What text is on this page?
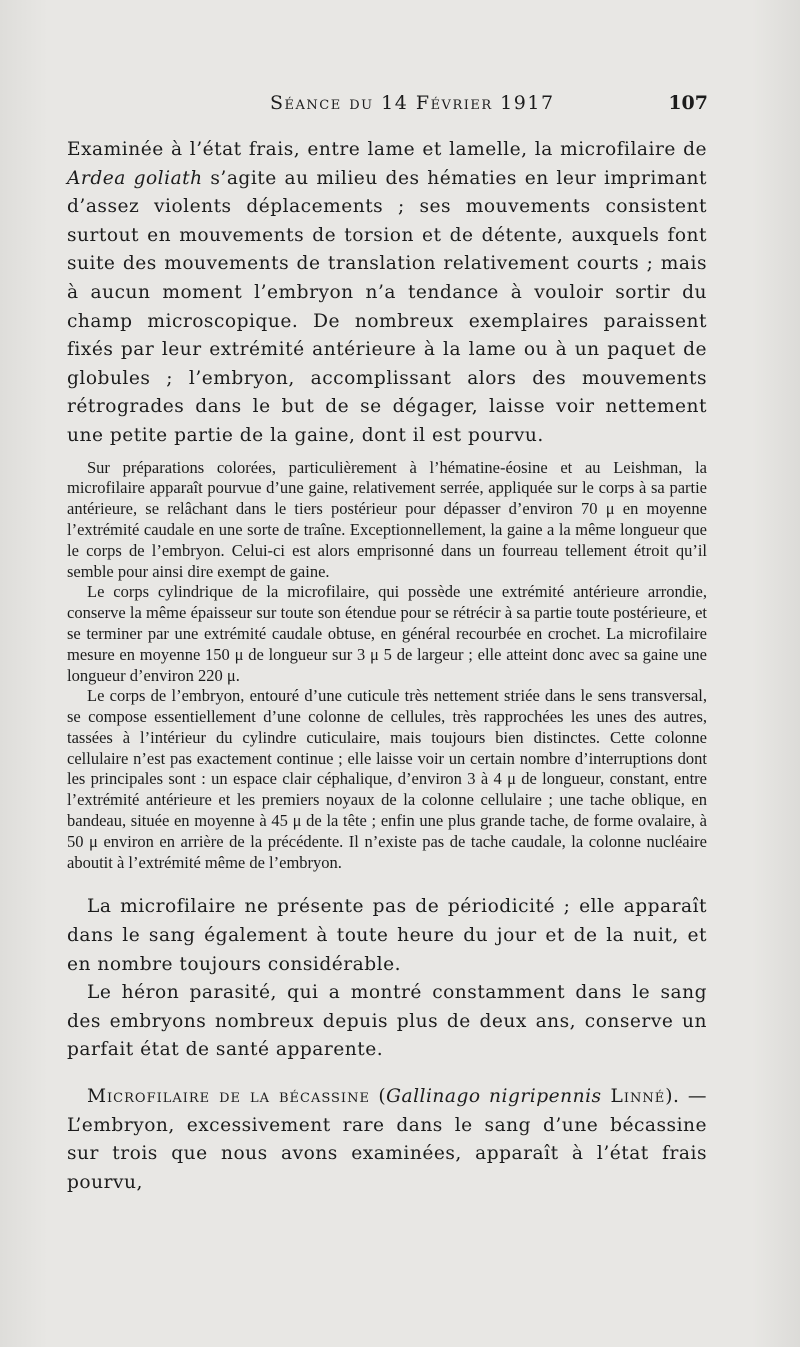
Séance du 14 Février 1917	107

Examinée à l’état frais, entre lame et lamelle, la microfilaire de Ardea goliath s’agite au milieu des hématies en leur imprimant d’assez violents déplacements ; ses mouvements consistent surtout en mouvements de torsion et de détente, auxquels font suite des mouvements de translation relativement courts ; mais à aucun moment l’embryon n’a tendance à vouloir sortir du champ microscopique. De nombreux exemplaires paraissent fixés par leur extrémité antérieure à la lame ou à un paquet de globules ; l’embryon, accomplissant alors des mouvements rétrogrades dans le but de se dégager, laisse voir nettement une petite partie de la gaine, dont il est pourvu.

Sur préparations colorées, particulièrement à l’hématine-éosine et au Leishman, la microfilaire apparaît pourvue d’une gaine, relativement serrée, appliquée sur le corps à sa partie antérieure, se relâchant dans le tiers postérieur pour dépasser d’environ 70 μ en moyenne l’extrémité caudale en une sorte de traîne. Exceptionnellement, la gaine a la même longueur que le corps de l’embryon. Celui-ci est alors emprisonné dans un fourreau tellement étroit qu’il semble pour ainsi dire exempt de gaine.

Le corps cylindrique de la microfilaire, qui possède une extrémité antérieure arrondie, conserve la même épaisseur sur toute son étendue pour se rétrécir à sa partie toute postérieure, et se terminer par une extrémité caudale obtuse, en général recourbée en crochet. La microfilaire mesure en moyenne 150 μ de longueur sur 3 μ 5 de largeur ; elle atteint donc avec sa gaine une longueur d’environ 220 μ.

Le corps de l’embryon, entouré d’une cuticule très nettement striée dans le sens transversal, se compose essentiellement d’une colonne de cellules, très rapprochées les unes des autres, tassées à l’intérieur du cylindre cuticulaire, mais toujours bien distinctes. Cette colonne cellulaire n’est pas exactement continue ; elle laisse voir un certain nombre d’interruptions dont les principales sont : un espace clair céphalique, d’environ 3 à 4 μ de longueur, constant, entre l’extrémité antérieure et les premiers noyaux de la colonne cellulaire ; une tache oblique, en bandeau, située en moyenne à 45 μ de la tête ; enfin une plus grande tache, de forme ovalaire, à 50 μ environ en arrière de la précédente. Il n’existe pas de tache caudale, la colonne nucléaire aboutit à l’extrémité même de l’embryon.

La microfilaire ne présente pas de périodicité ; elle apparaît dans le sang également à toute heure du jour et de la nuit, et en nombre toujours considérable.

Le héron parasité, qui a montré constamment dans le sang des embryons nombreux depuis plus de deux ans, conserve un parfait état de santé apparente.

Microfilaire de la bécassine (Gallinago nigripennis Linné). — L’embryon, excessivement rare dans le sang d’une bécassine sur trois que nous avons examinées, apparaît à l’état frais pourvu,
